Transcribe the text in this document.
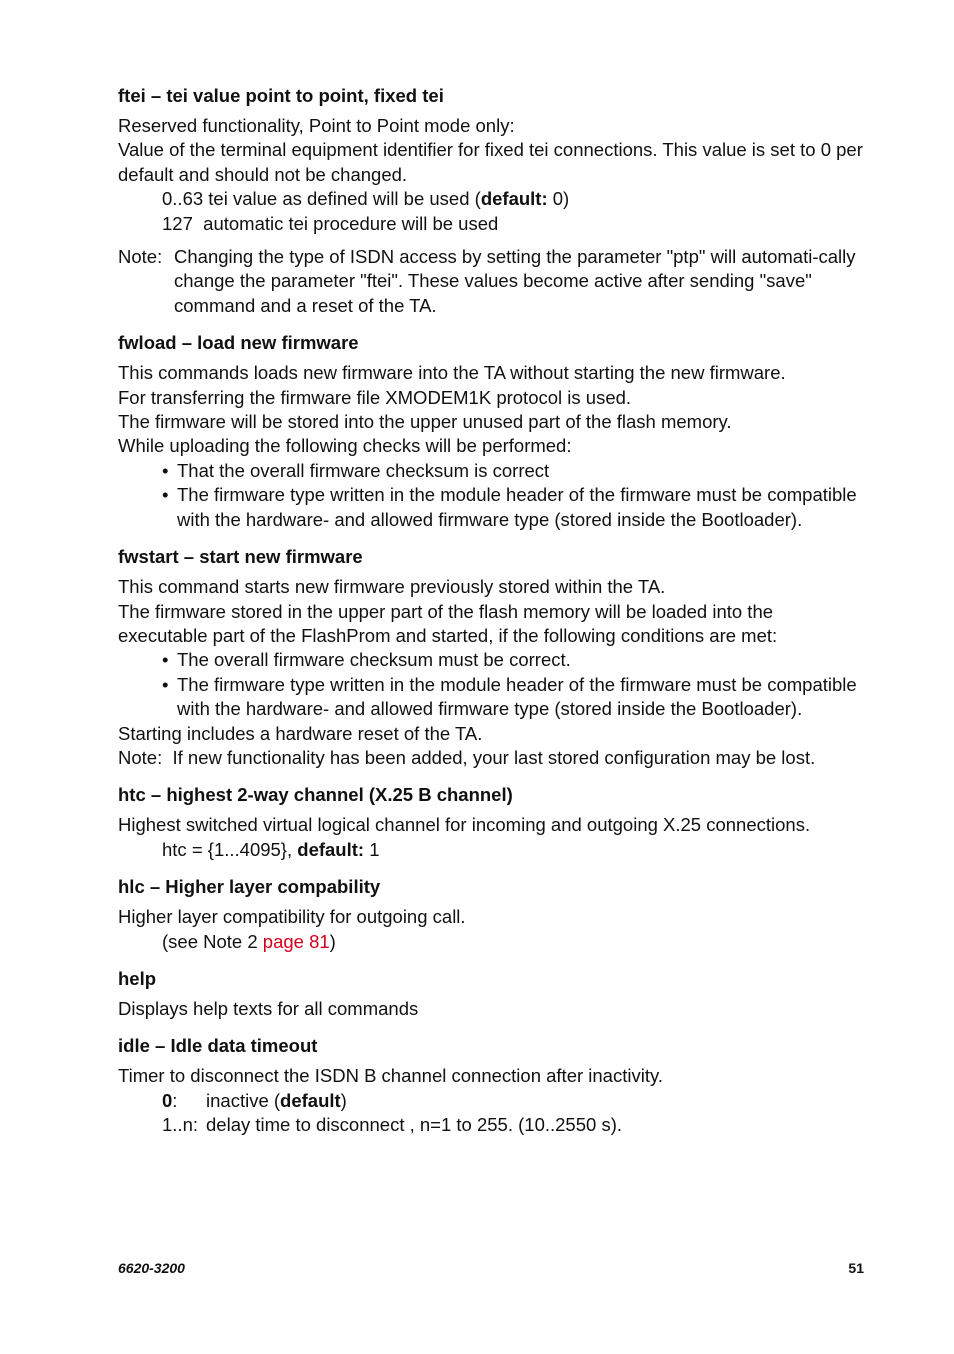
ftei – tei value point to point, fixed tei

Reserved functionality, Point to Point mode only:

Value of the terminal equipment identifier for fixed tei connections. This value is set to 0 per default and should not be changed.

0..63 tei value as defined will be used (default: 0)

127 automatic tei procedure will be used

Note: Changing the type of ISDN access by setting the parameter "ptp" will automati-cally change the parameter "ftei". These values become active after sending "save" command and a reset of the TA.
fwload – load new firmware

This commands loads new firmware into the TA without starting the new firmware.

For transferring the firmware file XMODEM1K protocol is used.

The firmware will be stored into the upper unused part of the flash memory.

While uploading the following checks will be performed:

• That the overall firmware checksum is correct
• The firmware type written in the module header of the firmware must be compatible with the hardware- and allowed firmware type (stored inside the Bootloader).
fwstart – start new firmware

This command starts new firmware previously stored within the TA.

The firmware stored in the upper part of the flash memory will be loaded into the executable part of the FlashProm and started, if the following conditions are met:

• The overall firmware checksum must be correct.
• The firmware type written in the module header of the firmware must be compatible with the hardware- and allowed firmware type (stored inside the Bootloader).

Starting includes a hardware reset of the TA.

Note: If new functionality has been added, your last stored configuration may be lost.

htc – highest 2-way channel (X.25 B channel)

Highest switched virtual logical channel for incoming and outgoing X.25 connections.

htc = {1...4095}, default: 1

hlc – Higher layer compability

Higher layer compatibility for outgoing call.

(see Note 2 page 81)

help

Displays help texts for all commands

idle – Idle data timeout

Timer to disconnect the ISDN B channel connection after inactivity.

0:	inactive (default)

1..n: delay time to disconnect , n=1 to 255. (10..2550 s).

6620-3200	51
